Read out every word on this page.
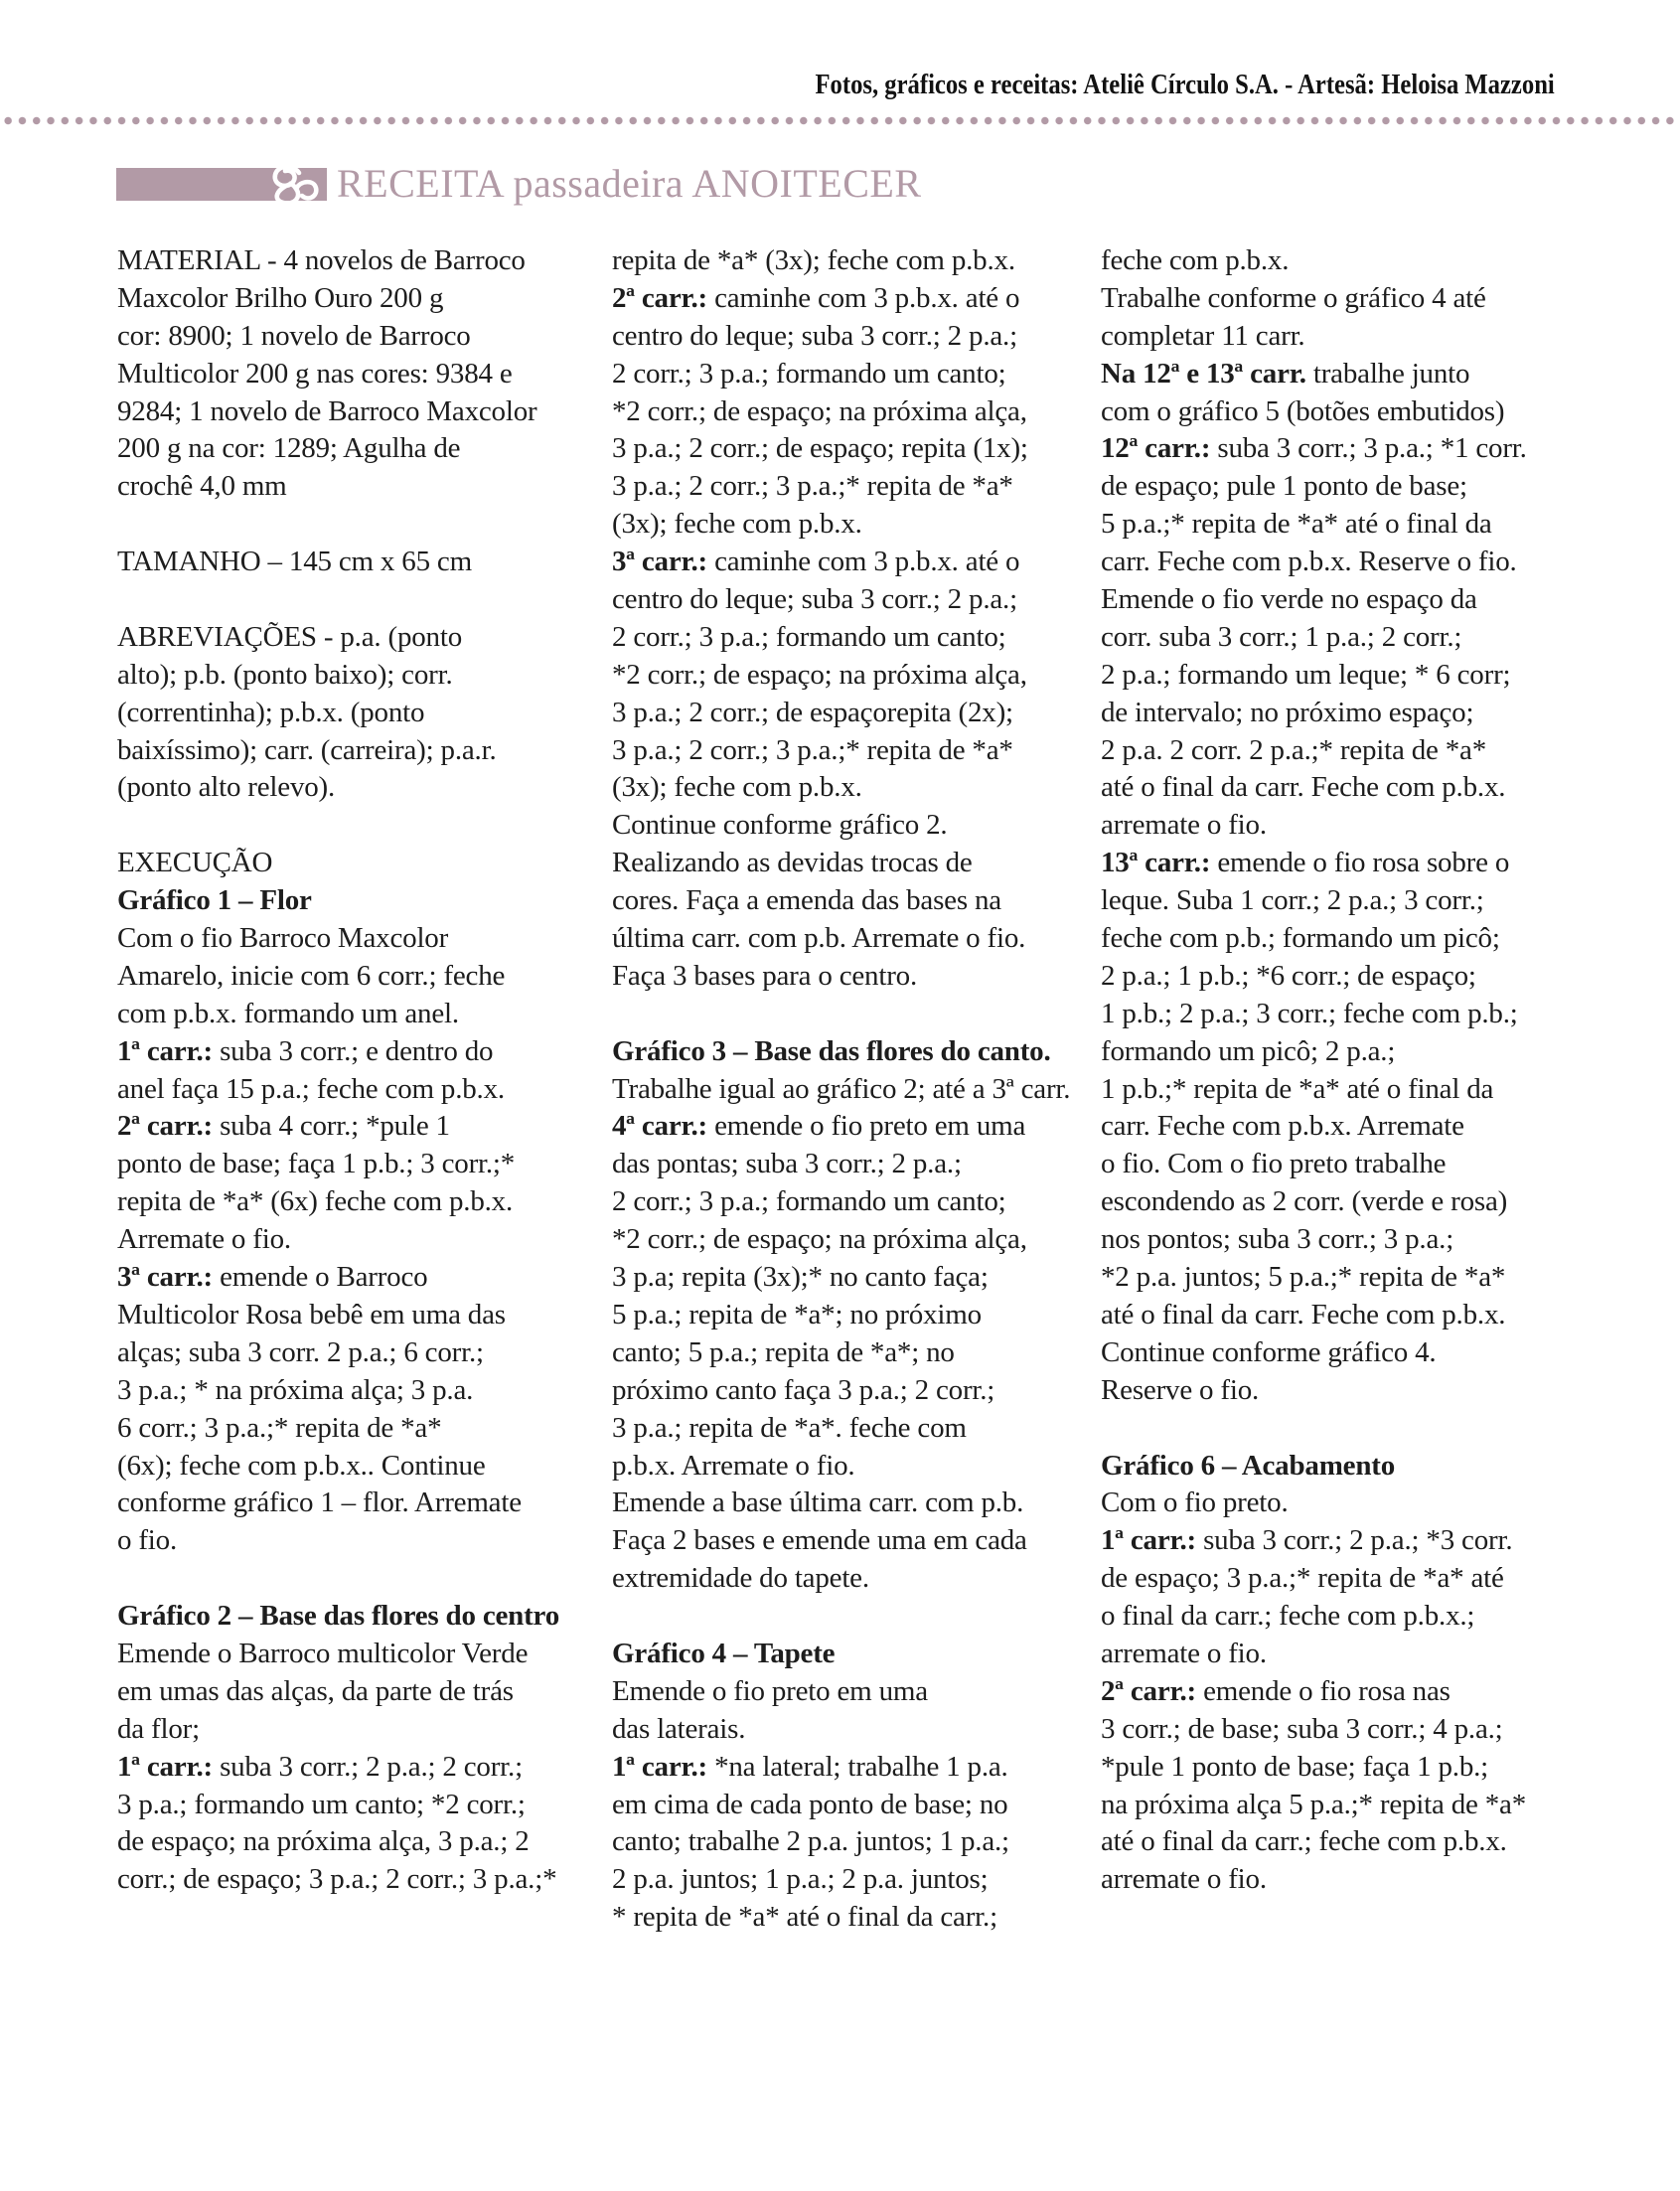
Fotos, gráficos e receitas: Ateliê Círculo S.A. - Artesã: Heloisa Mazzoni
RECEITA passadeira ANOITECER
MATERIAL - 4 novelos de Barroco
Maxcolor Brilho Ouro 200 g
cor: 8900; 1 novelo de Barroco
Multicolor 200 g nas cores: 9384 e
9284; 1 novelo de Barroco Maxcolor
200 g na cor: 1289; Agulha de
crochê 4,0 mm

TAMANHO – 145 cm x 65 cm

ABREVIAÇÕES - p.a. (ponto
alto); p.b. (ponto baixo); corr.
(correntinha); p.b.x. (ponto
baixíssimo); carr. (carreira); p.a.r.
(ponto alto relevo).

EXECUÇÃO
Gráfico 1 – Flor
Com o fio Barroco Maxcolor
Amarelo, inicie com 6 corr.; feche
com p.b.x. formando um anel.
1ª carr.: suba 3 corr.; e dentro do
anel faça 15 p.a.; feche com p.b.x.
2ª carr.: suba 4 corr.; *pule 1
ponto de base; faça 1 p.b.; 3 corr.;*
repita de *a* (6x) feche com p.b.x.
Arremate o fio.
3ª carr.: emende o Barroco
Multicolor Rosa bebê em uma das
alças; suba 3 corr. 2 p.a.; 6 corr.;
3 p.a.; * na próxima alça; 3 p.a.
6 corr.; 3 p.a.;* repita de *a*
(6x); feche com p.b.x.. Continue
conforme gráfico 1 – flor. Arremate
o fio.

Gráfico 2 – Base das flores do centro
Emende o Barroco multicolor Verde
em umas das alças, da parte de trás
da flor;
1ª carr.: suba 3 corr.; 2 p.a.; 2 corr.;
3 p.a.; formando um canto; *2 corr.;
de espaço; na próxima alça, 3 p.a.; 2
corr.; de espaço; 3 p.a.; 2 corr.; 3 p.a.;*
repita de *a* (3x); feche com p.b.x.
2ª carr.: caminhe com 3 p.b.x. até o
centro do leque; suba 3 corr.; 2 p.a.;
2 corr.; 3 p.a.; formando um canto;
*2 corr.; de espaço; na próxima alça,
3 p.a.; 2 corr.; de espaço; repita (1x);
3 p.a.; 2 corr.; 3 p.a.;* repita de *a*
(3x); feche com p.b.x.
3ª carr.: caminhe com 3 p.b.x. até o
centro do leque; suba 3 corr.; 2 p.a.;
2 corr.; 3 p.a.; formando um canto;
*2 corr.; de espaço; na próxima alça,
3 p.a.; 2 corr.; de espaçorepita (2x);
3 p.a.; 2 corr.; 3 p.a.;* repita de *a*
(3x); feche com p.b.x.
Continue conforme gráfico 2.
Realizando as devidas trocas de
cores. Faça a emenda das bases na
última carr. com p.b. Arremate o fio.
Faça 3 bases para o centro.

Gráfico 3 – Base das flores do canto.
Trabalhe igual ao gráfico 2; até a 3ª carr.
4ª carr.: emende o fio preto em uma
das pontas; suba 3 corr.; 2 p.a.;
2 corr.; 3 p.a.; formando um canto;
*2 corr.; de espaço; na próxima alça,
3 p.a; repita (3x);* no canto faça;
5 p.a.; repita de *a*; no próximo
canto; 5 p.a.; repita de *a*; no
próximo canto faça 3 p.a.; 2 corr.;
3 p.a.; repita de *a*. feche com
p.b.x. Arremate o fio.
Emende a base última carr. com p.b.
Faça 2 bases e emende uma em cada
extremidade do tapete.

Gráfico 4 – Tapete
Emende o fio preto em uma
das laterais.
1ª carr.: *na lateral; trabalhe 1 p.a.
em cima de cada ponto de base; no
canto; trabalhe 2 p.a. juntos; 1 p.a.;
2 p.a. juntos; 1 p.a.; 2 p.a. juntos;
* repita de *a* até o final da carr.;
feche com p.b.x.
Trabalhe conforme o gráfico 4 até
completar 11 carr.
Na 12ª e 13ª carr. trabalhe junto
com o gráfico 5 (botões embutidos)
12ª carr.: suba 3 corr.; 3 p.a.; *1 corr.
de espaço; pule 1 ponto de base;
5 p.a.;* repita de *a* até o final da
carr. Feche com p.b.x. Reserve o fio.
Emende o fio verde no espaço da
corr. suba 3 corr.; 1 p.a.; 2 corr.;
2 p.a.; formando um leque; * 6 corr;
de intervalo; no próximo espaço;
2 p.a. 2 corr. 2 p.a.;* repita de *a*
até o final da carr. Feche com p.b.x.
arremate o fio.
13ª carr.: emende o fio rosa sobre o
leque. Suba 1 corr.; 2 p.a.; 3 corr.;
feche com p.b.; formando um picô;
2 p.a.; 1 p.b.; *6 corr.; de espaço;
1 p.b.; 2 p.a.; 3 corr.; feche com p.b.;
formando um picô; 2 p.a.;
1 p.b.;* repita de *a* até o final da
carr. Feche com p.b.x. Arremate
o fio. Com o fio preto trabalhe
escondendo as 2 corr. (verde e rosa)
nos pontos; suba 3 corr.; 3 p.a.;
*2 p.a. juntos; 5 p.a.;* repita de *a*
até o final da carr. Feche com p.b.x.
Continue conforme gráfico 4.
Reserve o fio.

Gráfico 6 – Acabamento
Com o fio preto.
1ª carr.: suba 3 corr.; 2 p.a.; *3 corr.
de espaço; 3 p.a.;* repita de *a* até
o final da carr.; feche com p.b.x.;
arremate o fio.
2ª carr.: emende o fio rosa nas
3 corr.; de base; suba 3 corr.; 4 p.a.;
*pule 1 ponto de base; faça 1 p.b.;
na próxima alça 5 p.a.;* repita de *a*
até o final da carr.; feche com p.b.x.
arremate o fio.
